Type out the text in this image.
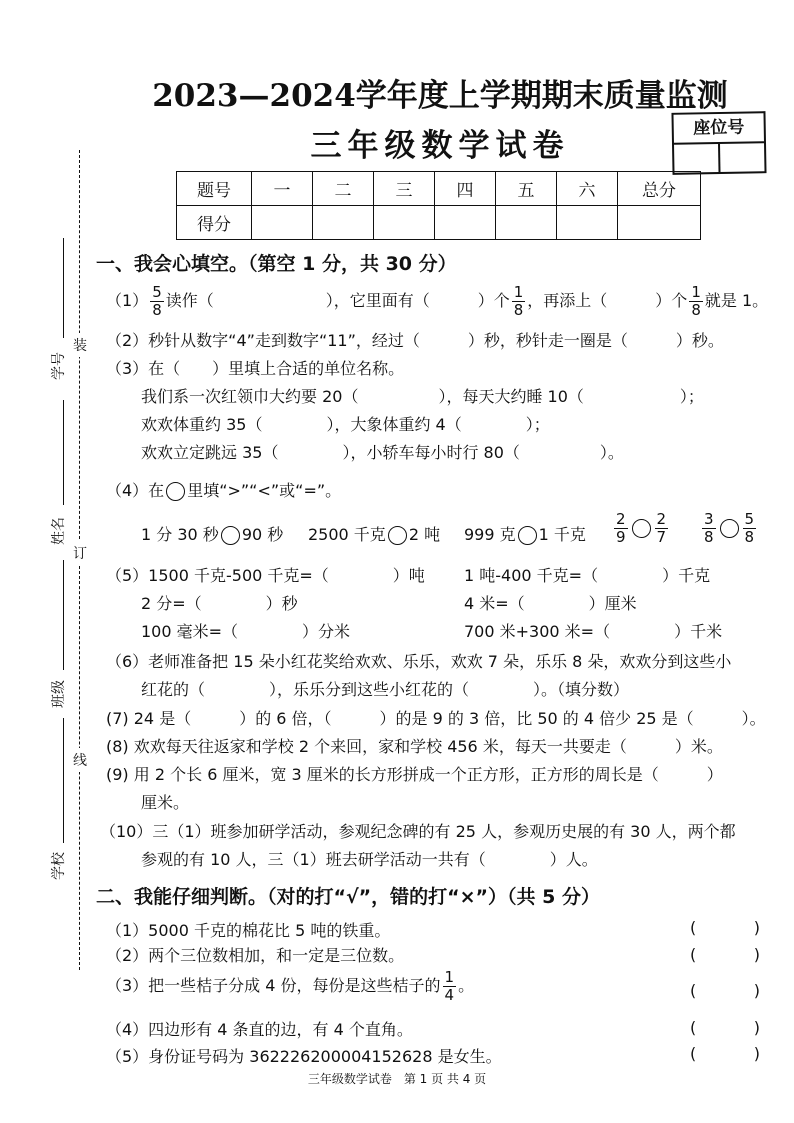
2023—2024学年度上学期期末质量监测
三年级数学试卷	座位号
题号	一	二	三	四	五	六	总分
得分							
装
订
线
学号
姓名
班级
学校
一、我会心填空。（第空 1 分，共 30 分）
$(1) \frac{5}{8}$ 读作（　　　　　　　），它里面有（　　　）个 $\frac{1}{8}$ ，再添上（　　　）个 $\frac{1}{8}$ 就是 1。
（2）秒针从数字“4”走到数字“11”，经过（　　　）秒，秒针走一圈是（　　　）秒。
（3）在（　　）里填上合适的单位名称。
我们系一次红领巾大约要 20（　　　　　），每天大约睡 10（　　　　　　）；
欢欢体重约 35（　　　　），大象体重约 4（　　　　）；
欢欢立定跳远 35（　　　　），小轿车每小时行 80（　　　　　）。
（4）在 里填“>”“<”或“=”。
1 分 30 秒 90 秒 2500 千克 2 吨 999 克 1 千克 $\frac{2}{9} \frac{2}{7} \frac{3}{8} \frac{5}{8}$
（5）1500 千克-500 千克=（　　　　）吨 1 吨-400 千克=（　　　　）千克
2 分=（　　　　）秒	4 米=（　　　　）厘米
100 毫米=（　　　　）分米	700 米+300 米=（　　　　）千米
（6）老师准备把 15 朵小红花奖给欢欢、乐乐，欢欢 7 朵，乐乐 8 朵，欢欢分到这些小
红花的（　　　　），乐乐分到这些小红花的（　　　　）。（填分数）
(7) 24 是（　　　）的 6 倍，（　　　）的是 9 的 3 倍，比 50 的 4 倍少 25 是（　　　）。
(8) 欢欢每天往返家和学校 2 个来回，家和学校 456 米，每天一共要走（　　　）米。
(9) 用 2 个长 6 厘米，宽 3 厘米的长方形拼成一个正方形，正方形的周长是（　　　）
厘米。
（10）三（1）班参加研学活动，参观纪念碑的有 25 人，参观历史展的有 30 人，两个都
参观的有 10 人，三（1）班去研学活动一共有（　　　　）人。
二、我能仔细判断。（对的打“√”，错的打“×”）（共 5 分）
（1）5000 千克的棉花比 5 吨的铁重。	(	)
（2）两个三位数相加，和一定是三位数。	(	)
（3）把一些桔子分成 4 份，每份是这些桔子的 $\frac{1}{4}$ 。	(	)
（4）四边形有 4 条直的边，有 4 个直角。	(	)
（5）身份证号码为 362226200004152628 是女生。	(	)
三年级数学试卷　第 1 页 共 4 页
